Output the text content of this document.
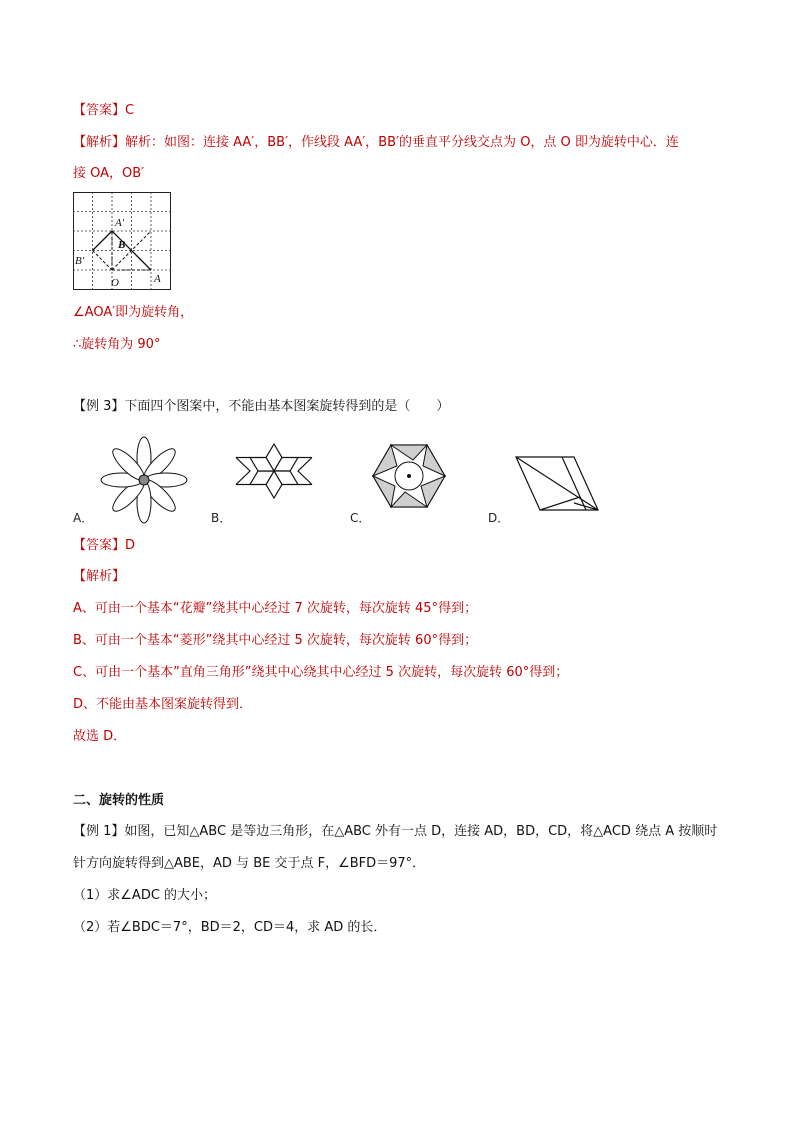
【答案】C
【解析】解析：如图：连接 AA′，BB′，作线段 AA′，BB′的垂直平分线交点为 O，点 O 即为旋转中心．连
接 OA，OB′
A′
B
B′
O	A
∠AOA′即为旋转角，
∴旋转角为 90°
【例 3】下面四个图案中，不能由基本图案旋转得到的是（　　）
A．	B．	C．	D．
【答案】D
【解析】
A、可由一个基本“花瓣”绕其中心经过 7 次旋转，每次旋转 45°得到；
B、可由一个基本“菱形”绕其中心经过 5 次旋转，每次旋转 60°得到；
C、可由一个基本”直角三角形”绕其中心绕其中心经过 5 次旋转，每次旋转 60°得到；
D、不能由基本图案旋转得到．
故选 D．
二、旋转的性质
【例 1】如图，已知△ABC 是等边三角形，在△ABC 外有一点 D，连接 AD，BD，CD，将△ACD 绕点 A 按顺时
针方向旋转得到△ABE，AD 与 BE 交于点 F，∠BFD＝97°．
（1）求∠ADC 的大小；
（2）若∠BDC＝7°，BD＝2，CD＝4，求 AD 的长．
